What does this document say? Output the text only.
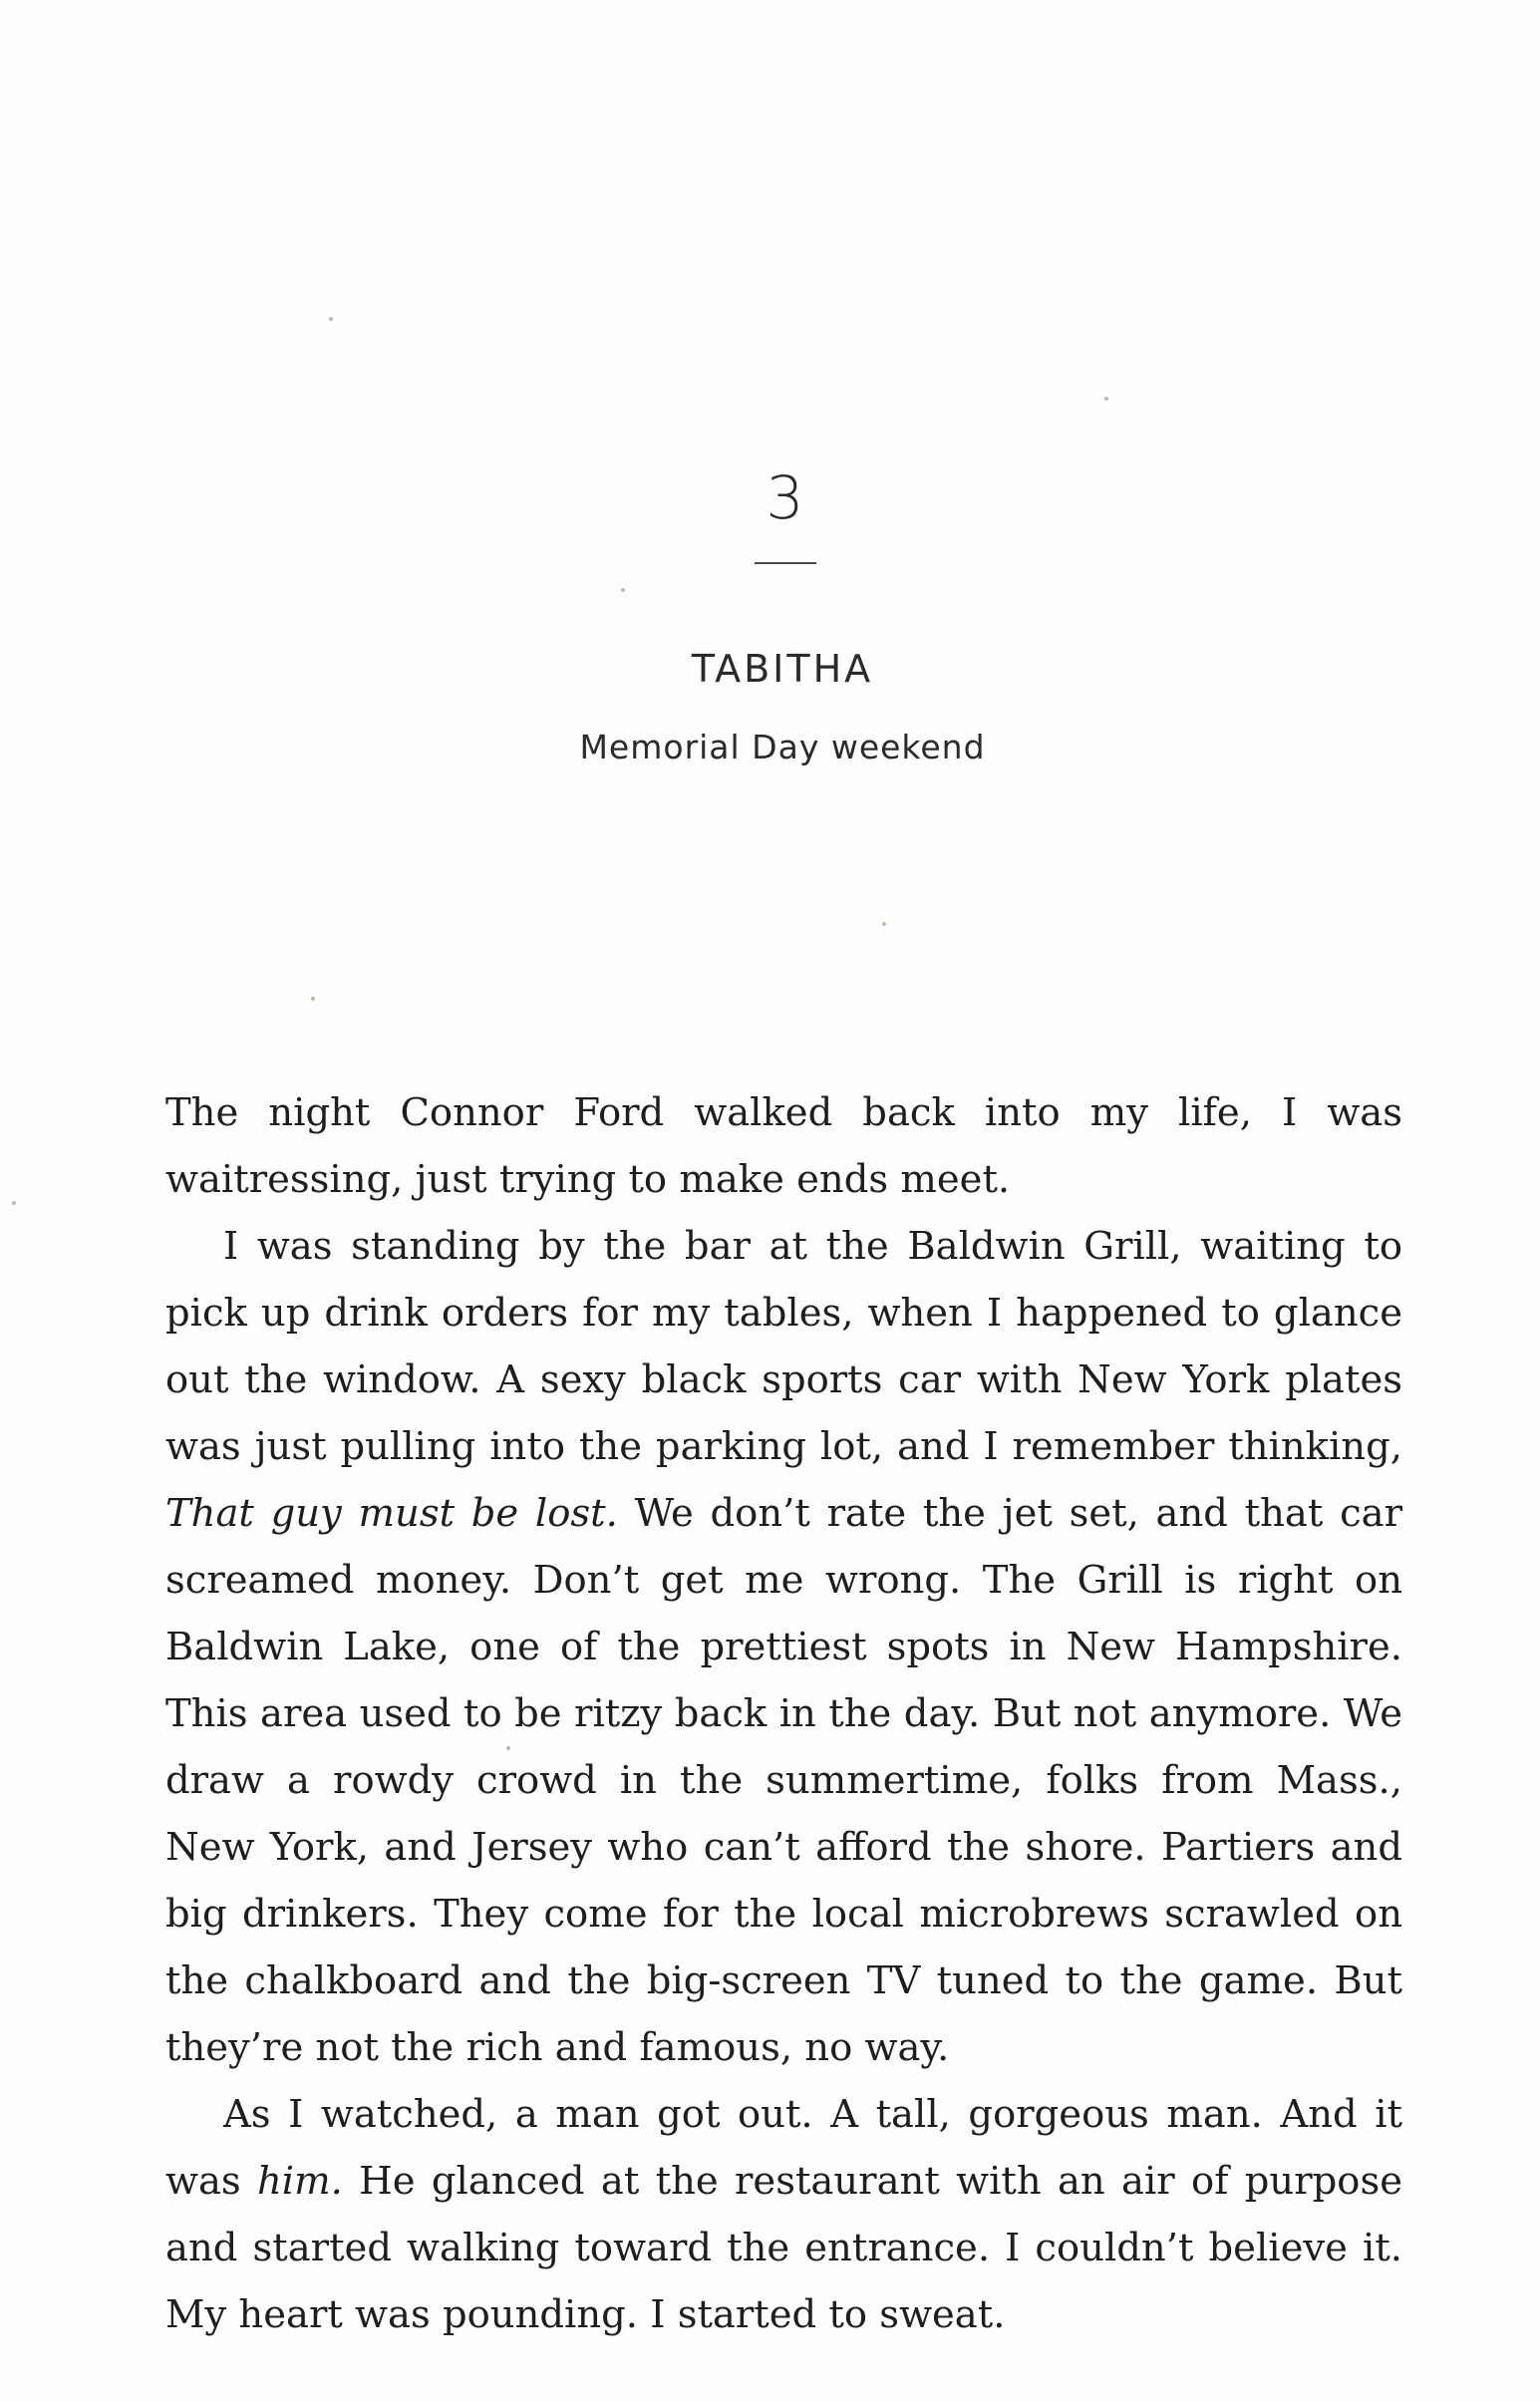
3
TABITHA
Memorial Day weekend

The night Connor Ford walked back into my life, I was waitressing, just trying to make ends meet.

I was standing by the bar at the Baldwin Grill, waiting to pick up drink orders for my tables, when I happened to glance out the window. A sexy black sports car with New York plates was just pulling into the parking lot, and I remember thinking, That guy must be lost. We don’t rate the jet set, and that car screamed money. Don’t get me wrong. The Grill is right on Baldwin Lake, one of the prettiest spots in New Hampshire. This area used to be ritzy back in the day. But not anymore. We draw a rowdy crowd in the summertime, folks from Mass., New York, and Jersey who can’t afford the shore. Partiers and big drinkers. They come for the local microbrews scrawled on the chalkboard and the big-screen TV tuned to the game. But they’re not the rich and famous, no way.

As I watched, a man got out. A tall, gorgeous man. And it was him. He glanced at the restaurant with an air of purpose and started walking toward the entrance. I couldn’t believe it. My heart was pounding. I started to sweat.
